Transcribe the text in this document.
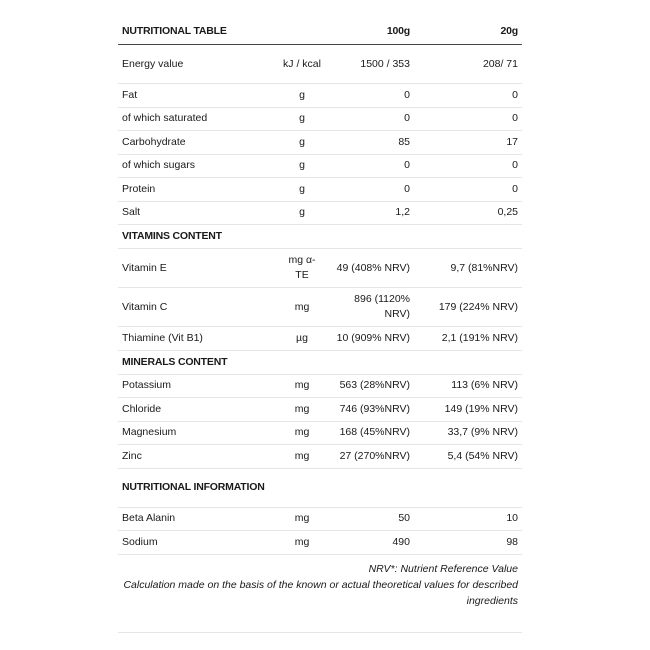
NUTRITIONAL TABLE		100g	20g
Energy value	kJ / kcal	1500 / 353	208/ 71
Fat	g	0	0
of which saturated	g	0	0
Carbohydrate	g	85	17
of which sugars	g	0	0
Protein	g	0	0
Salt	g	1,2	0,25
VITAMINS CONTENT			
Vitamin E	mg α-TE	49 (408% NRV)	9,7 (81%NRV)
Vitamin C	mg	896 (1120% NRV)	179 (224% NRV)
Thiamine (Vit B1)	µg	10 (909% NRV)	2,1 (191% NRV)
MINERALS CONTENT			
Potassium	mg	563 (28%NRV)	113 (6% NRV)
Chloride	mg	746 (93%NRV)	149 (19% NRV)
Magnesium	mg	168 (45%NRV)	33,7 (9% NRV)
Zinc	mg	27 (270%NRV)	5,4 (54% NRV)
NUTRITIONAL INFORMATION			
Beta Alanin	mg	50	10
Sodium	mg	490	98
NRV*: Nutrient Reference Value
Calculation made on the basis of the known or actual theoretical values for described ingredients
